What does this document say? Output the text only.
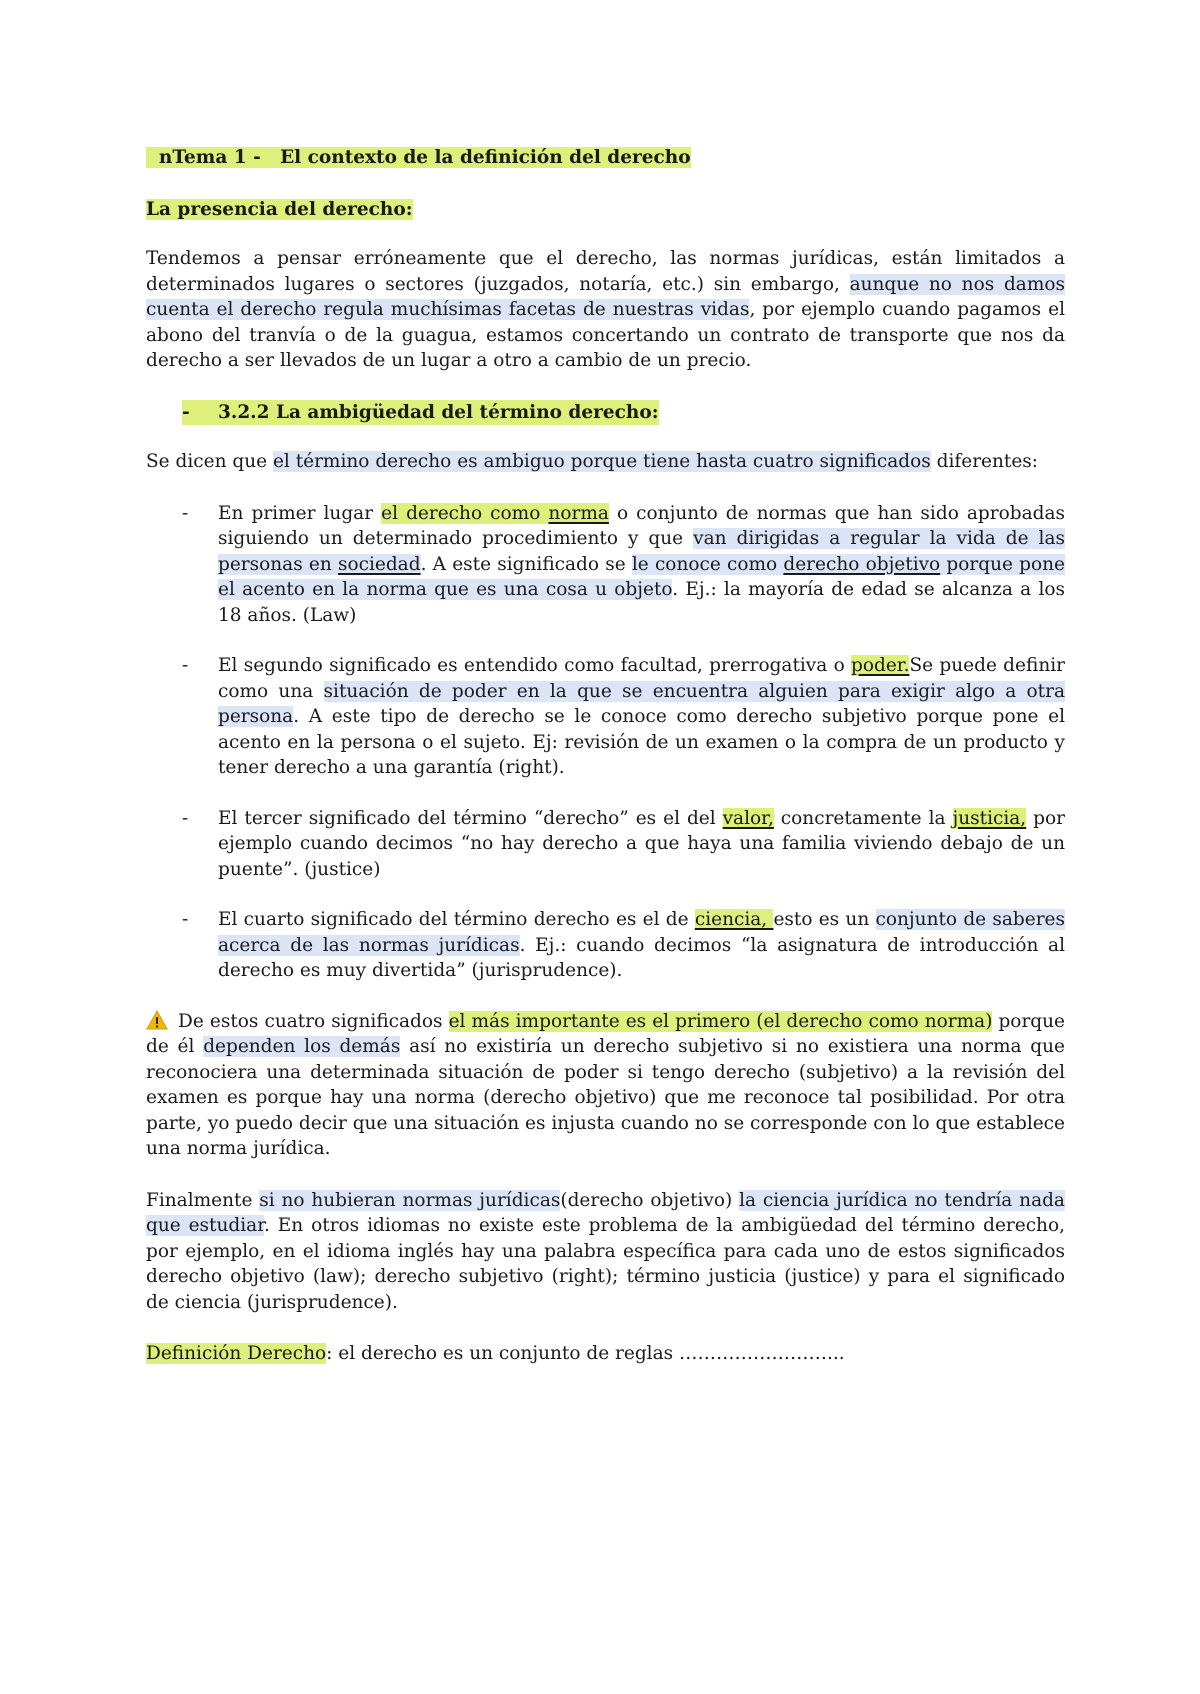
nTema 1 - El contexto de la definición del derecho
La presencia del derecho:

Tendemos a pensar erróneamente que el derecho, las normas jurídicas, están limitados a determinados lugares o sectores (juzgados, notaría, etc.) sin embargo, aunque no nos damos cuenta el derecho regula muchísimas facetas de nuestras vidas, por ejemplo cuando pagamos el abono del tranvía o de la guagua, estamos concertando un contrato de transporte que nos da derecho a ser llevados de un lugar a otro a cambio de un precio.

-	3.2.2 La ambigüedad del término derecho:

Se dicen que el término derecho es ambiguo porque tiene hasta cuatro significados diferentes:

-	En primer lugar el derecho como norma o conjunto de normas que han sido aprobadas siguiendo un determinado procedimiento y que van dirigidas a regular la vida de las personas en sociedad. A este significado se le conoce como derecho objetivo porque pone el acento en la norma que es una cosa u objeto. Ej.: la mayoría de edad se alcanza a los 18 años. (Law)
-	El segundo significado es entendido como facultad, prerrogativa o poder.Se puede definir como una situación de poder en la que se encuentra alguien para exigir algo a otra persona. A este tipo de derecho se le conoce como derecho subjetivo porque pone el acento en la persona o el sujeto. Ej: revisión de un examen o la compra de un producto y tener derecho a una garantía (right).
-	El tercer significado del término “derecho” es el del valor, concretamente la justicia, por ejemplo cuando decimos “no hay derecho a que haya una familia viviendo debajo de un puente”. (justice)
-	El cuarto significado del término derecho es el de ciencia, esto es un conjunto de saberes acerca de las normas jurídicas. Ej.: cuando decimos “la asignatura de introducción al derecho es muy divertida” (jurisprudence).

De estos cuatro significados el más importante es el primero (el derecho como norma) porque de él dependen los demás así no existiría un derecho subjetivo si no existiera una norma que reconociera una determinada situación de poder si tengo derecho (subjetivo) a la revisión del examen es porque hay una norma (derecho objetivo) que me reconoce tal posibilidad. Por otra parte, yo puedo decir que una situación es injusta cuando no se corresponde con lo que establece una norma jurídica.

Finalmente si no hubieran normas jurídicas(derecho objetivo) la ciencia jurídica no tendría nada que estudiar. En otros idiomas no existe este problema de la ambigüedad del término derecho, por ejemplo, en el idioma inglés hay una palabra específica para cada uno de estos significados derecho objetivo (law); derecho subjetivo (right); término justicia (justice) y para el significado de ciencia (jurisprudence).

Definición Derecho: el derecho es un conjunto de reglas ……………………...
